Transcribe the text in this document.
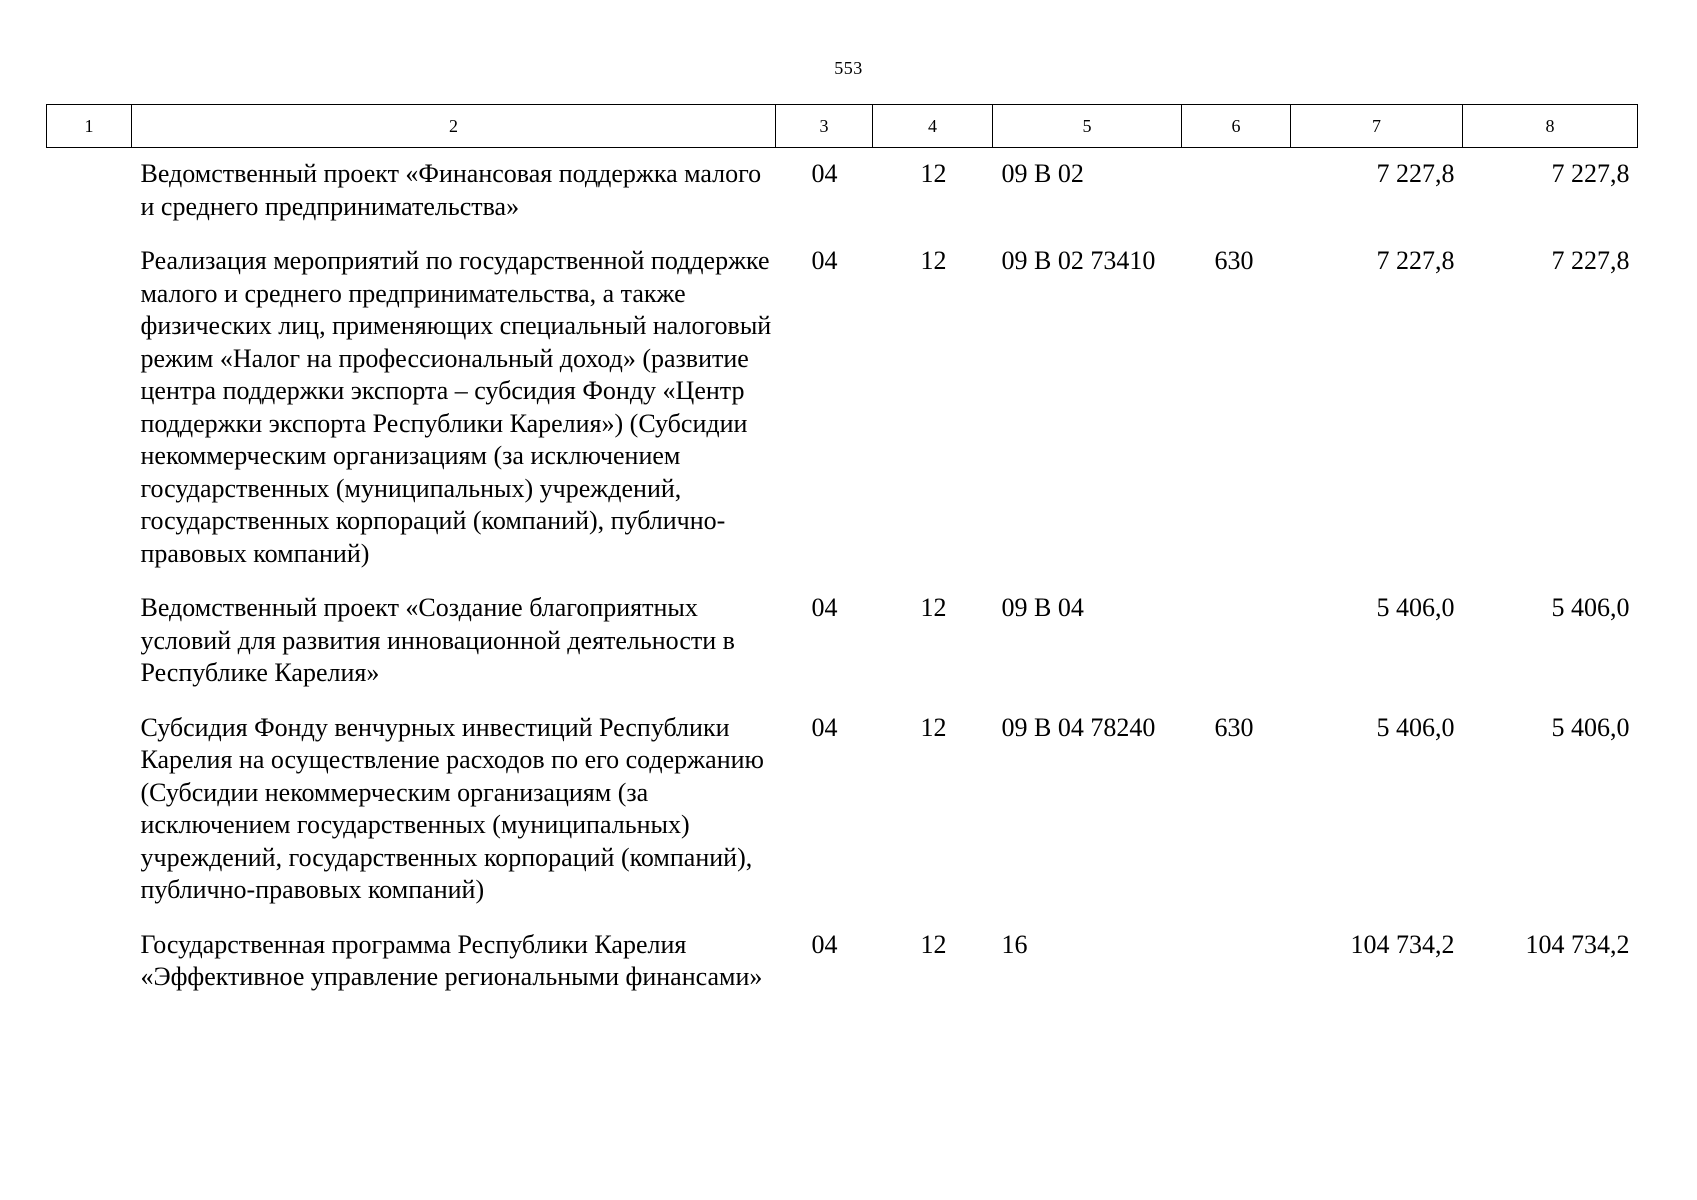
553
1	2	3	4	5	6	7	8
	Ведомственный проект «Финансовая поддержка малого и среднего предпринимательства»	04	12	09 В 02		7 227,8	7 227,8
	Реализация мероприятий по государственной поддержке малого и среднего предпринимательства, а также физических лиц, применяющих специальный налоговый режим «Налог на профессиональный доход» (развитие центра поддержки экспорта – субсидия Фонду «Центр поддержки экспорта Республики Карелия») (Субсидии некоммерческим организациям (за исключением государственных (муниципальных) учреждений, государственных корпораций (компаний), публично-правовых компаний)	04	12	09 В 02 73410	630	7 227,8	7 227,8
	Ведомственный проект «Создание благоприятных условий для развития инновационной деятельности в Республике Карелия»	04	12	09 В 04		5 406,0	5 406,0
	Субсидия Фонду венчурных инвестиций Республики Карелия на осуществление расходов по его содержанию (Субсидии некоммерческим организациям (за исключением государственных (муниципальных) учреждений, государственных корпораций (компаний), публично-правовых компаний)	04	12	09 В 04 78240	630	5 406,0	5 406,0
	Государственная программа Республики Карелия «Эффективное управление региональными финансами»	04	12	16		104 734,2	104 734,2
